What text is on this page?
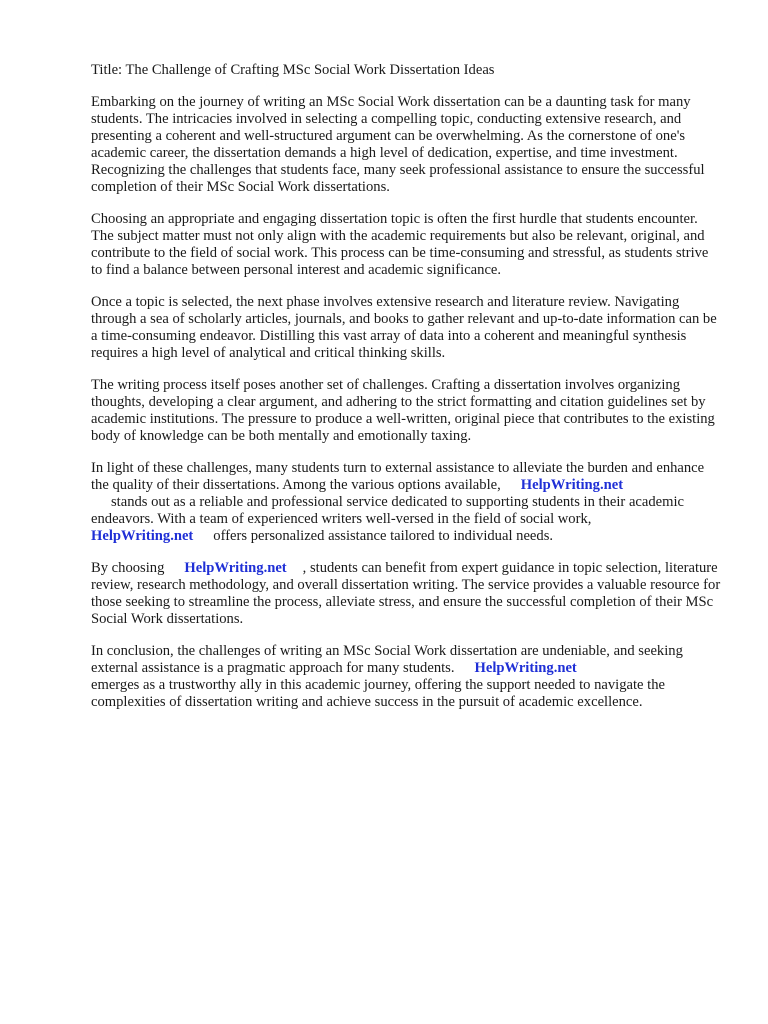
Title: The Challenge of Crafting MSc Social Work Dissertation Ideas

Embarking on the journey of writing an MSc Social Work dissertation can be a daunting task for many students. The intricacies involved in selecting a compelling topic, conducting extensive research, and presenting a coherent and well-structured argument can be overwhelming. As the cornerstone of one's academic career, the dissertation demands a high level of dedication, expertise, and time investment. Recognizing the challenges that students face, many seek professional assistance to ensure the successful completion of their MSc Social Work dissertations.

Choosing an appropriate and engaging dissertation topic is often the first hurdle that students encounter. The subject matter must not only align with the academic requirements but also be relevant, original, and contribute to the field of social work. This process can be time-consuming and stressful, as students strive to find a balance between personal interest and academic significance.

Once a topic is selected, the next phase involves extensive research and literature review. Navigating through a sea of scholarly articles, journals, and books to gather relevant and up-to-date information can be a time-consuming endeavor. Distilling this vast array of data into a coherent and meaningful synthesis requires a high level of analytical and critical thinking skills.

The writing process itself poses another set of challenges. Crafting a dissertation involves organizing thoughts, developing a clear argument, and adhering to the strict formatting and citation guidelines set by academic institutions. The pressure to produce a well-written, original piece that contributes to the existing body of knowledge can be both mentally and emotionally taxing.

In light of these challenges, many students turn to external assistance to alleviate the burden and enhance the quality of their dissertations. Among the various options available, HelpWriting.net
stands out as a reliable and professional service dedicated to supporting students in their academic endeavors. With a team of experienced writers well-versed in the field of social work,
HelpWriting.net offers personalized assistance tailored to individual needs.

By choosing HelpWriting.net , students can benefit from expert guidance in topic selection, literature review, research methodology, and overall dissertation writing. The service provides a valuable resource for those seeking to streamline the process, alleviate stress, and ensure the successful completion of their MSc Social Work dissertations.

In conclusion, the challenges of writing an MSc Social Work dissertation are undeniable, and seeking external assistance is a pragmatic approach for many students. HelpWriting.net
emerges as a trustworthy ally in this academic journey, offering the support needed to navigate the complexities of dissertation writing and achieve success in the pursuit of academic excellence.
